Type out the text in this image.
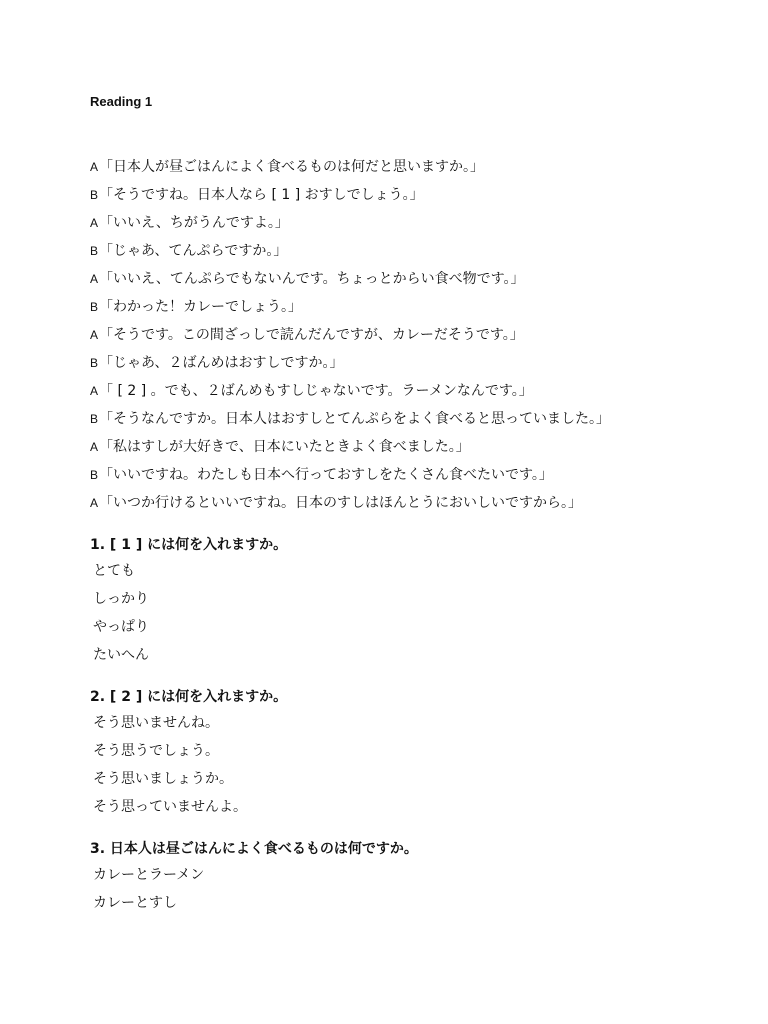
Reading 1
A「日本人が昼ごはんによく食べるものは何だと思いますか。」
B「そうですね。日本人なら [ 1 ] おすしでしょう。」
A「いいえ、ちがうんですよ。」
B「じゃあ、てんぷらですか。」
A「いいえ、てんぷらでもないんです。ちょっとからい食べ物です。」
B「わかった！カレーでしょう。」
A「そうです。この間ざっしで読んだんですが、カレーだそうです。」
B「じゃあ、２ばんめはおすしですか。」
A「 [ 2 ] 。でも、２ばんめもすしじゃないです。ラーメンなんです。」
B「そうなんですか。日本人はおすしとてんぷらをよく食べると思っていました。」
A「私はすしが大好きで、日本にいたときよく食べました。」
B「いいですね。わたしも日本へ行っておすしをたくさん食べたいです。」
A「いつか行けるといいですね。日本のすしはほんとうにおいしいですから。」
1. [ 1 ] には何を入れますか。
とても
しっかり
やっぱり
たいへん
2. [ 2 ] には何を入れますか。
そう思いませんね。
そう思うでしょう。
そう思いましょうか。
そう思っていませんよ。
3. 日本人は昼ごはんによく食べるものは何ですか。
カレーとラーメン
カレーとすし
